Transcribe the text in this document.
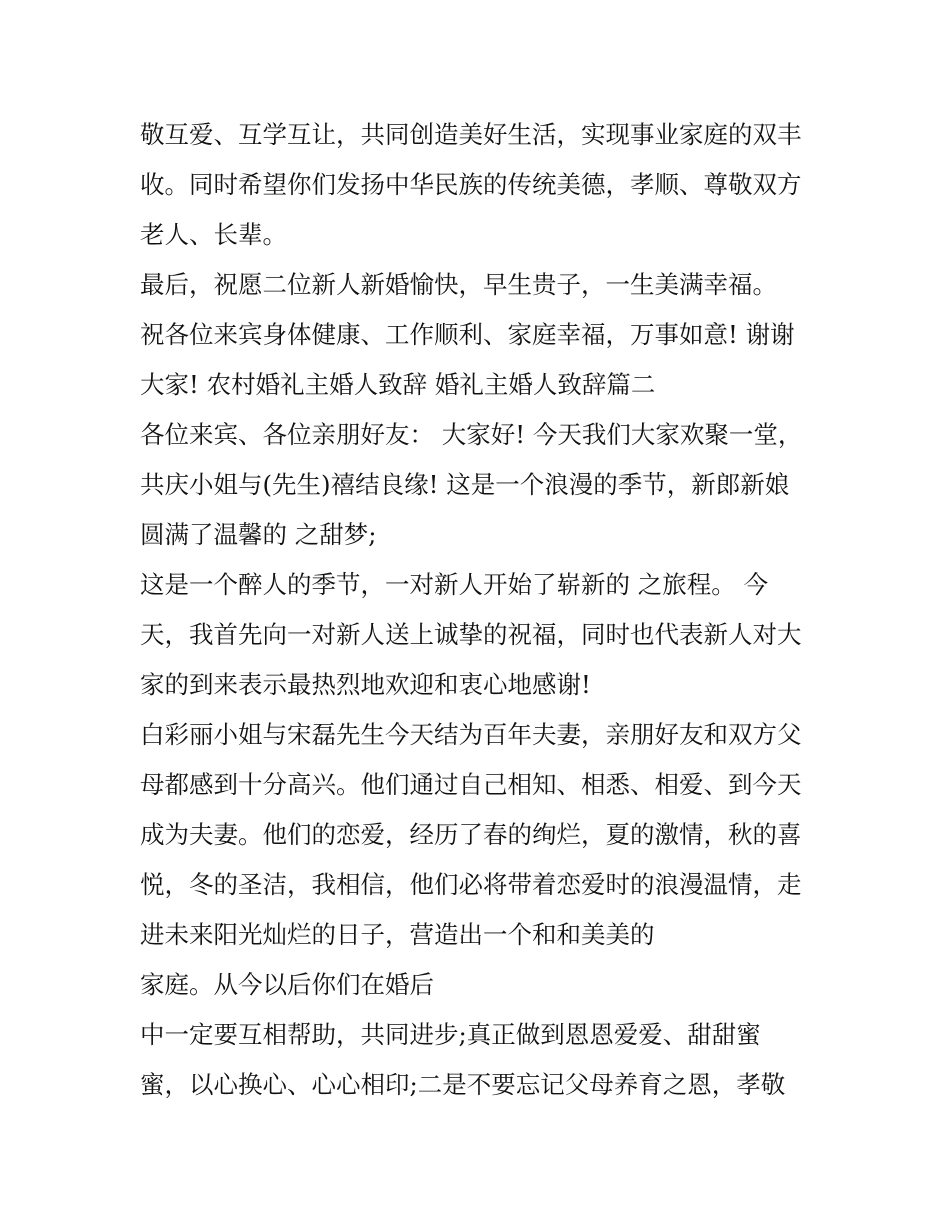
敬互爱、互学互让，共同创造美好生活，实现事业家庭的双丰
收。同时希望你们发扬中华民族的传统美德，孝顺、尊敬双方
老人、长辈。
最后，祝愿二位新人新婚愉快，早生贵子，一生美满幸福。
祝各位来宾身体健康、工作顺利、家庭幸福，万事如意! 谢谢
大家! 农村婚礼主婚人致辞 婚礼主婚人致辞篇二
各位来宾、各位亲朋好友： 大家好! 今天我们大家欢聚一堂，
共庆小姐与(先生)禧结良缘! 这是一个浪漫的季节，新郎新娘
圆满了温馨的 之甜梦;
这是一个醉人的季节，一对新人开始了崭新的 之旅程。 今
天，我首先向一对新人送上诚挚的祝福，同时也代表新人对大
家的到来表示最热烈地欢迎和衷心地感谢!
白彩丽小姐与宋磊先生今天结为百年夫妻，亲朋好友和双方父
母都感到十分高兴。他们通过自己相知、相悉、相爱、到今天
成为夫妻。他们的恋爱，经历了春的绚烂，夏的激情，秋的喜
悦，冬的圣洁，我相信，他们必将带着恋爱时的浪漫温情，走
进未来阳光灿烂的日子，营造出一个和和美美的
家庭。从今以后你们在婚后
中一定要互相帮助，共同进步;真正做到恩恩爱爱、甜甜蜜
蜜，以心换心、心心相印;二是不要忘记父母养育之恩，孝敬
